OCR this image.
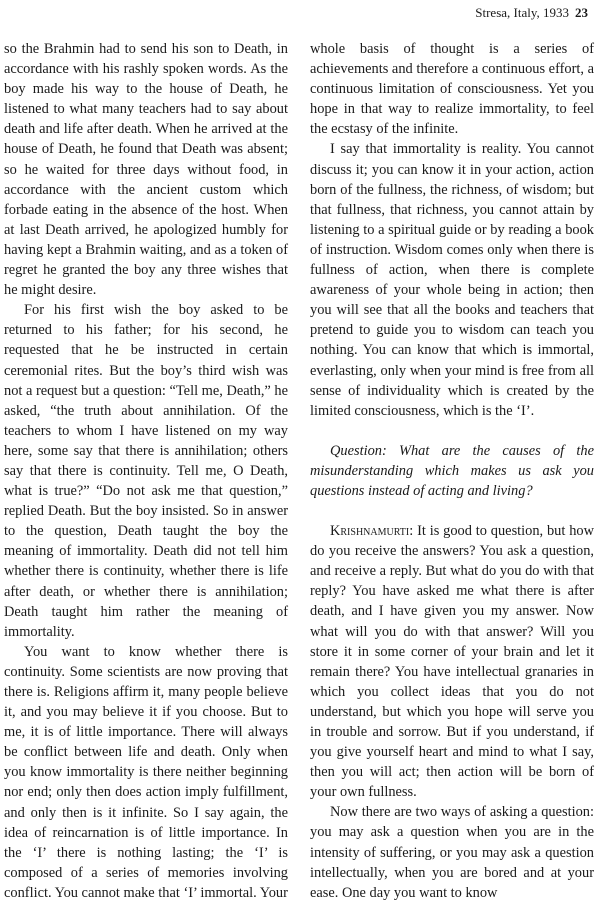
Stresa, Italy, 1933 23

so the Brahmin had to send his son to Death, in accordance with his rashly spoken words. As the boy made his way to the house of Death, he listened to what many teachers had to say about death and life after death. When he arrived at the house of Death, he found that Death was absent; so he waited for three days without food, in accordance with the ancient custom which forbade eating in the absence of the host. When at last Death arrived, he apologized humbly for having kept a Brahmin waiting, and as a token of regret he granted the boy any three wishes that he might desire.

For his first wish the boy asked to be returned to his father; for his second, he requested that he be instructed in certain ceremonial rites. But the boy’s third wish was not a request but a question: “Tell me, Death,” he asked, “the truth about annihilation. Of the teachers to whom I have listened on my way here, some say that there is annihilation; others say that there is continuity. Tell me, O Death, what is true?” “Do not ask me that question,” replied Death. But the boy insisted. So in answer to the question, Death taught the boy the meaning of immortality. Death did not tell him whether there is continuity, whether there is life after death, or whether there is annihilation; Death taught him rather the meaning of immortality.

You want to know whether there is continuity. Some scientists are now proving that there is. Religions affirm it, many people believe it, and you may believe it if you choose. But to me, it is of little importance. There will always be conflict between life and death. Only when you know immortality is there neither beginning nor end; only then does action imply fulfillment, and only then is it infinite. So I say again, the idea of reincarnation is of little importance. In the ‘I’ there is nothing lasting; the ‘I’ is composed of a series of memories involving conflict. You cannot make that ‘I’ immortal. Your

whole basis of thought is a series of achievements and therefore a continuous effort, a continuous limitation of consciousness. Yet you hope in that way to realize immortality, to feel the ecstasy of the infinite.

I say that immortality is reality. You cannot discuss it; you can know it in your action, action born of the fullness, the richness, of wisdom; but that fullness, that richness, you cannot attain by listening to a spiritual guide or by reading a book of instruction. Wisdom comes only when there is fullness of action, when there is complete awareness of your whole being in action; then you will see that all the books and teachers that pretend to guide you to wisdom can teach you nothing. You can know that which is immortal, everlasting, only when your mind is free from all sense of individuality which is created by the limited consciousness, which is the ‘I’.

Question: What are the causes of the misunderstanding which makes us ask you questions instead of acting and living?

Krishnamurti: It is good to question, but how do you receive the answers? You ask a question, and receive a reply. But what do you do with that reply? You have asked me what there is after death, and I have given you my answer. Now what will you do with that answer? Will you store it in some corner of your brain and let it remain there? You have intellectual granaries in which you collect ideas that you do not understand, but which you hope will serve you in trouble and sorrow. But if you understand, if you give yourself heart and mind to what I say, then you will act; then action will be born of your own fullness.

Now there are two ways of asking a question: you may ask a question when you are in the intensity of suffering, or you may ask a question intellectually, when you are bored and at your ease. One day you want to know
